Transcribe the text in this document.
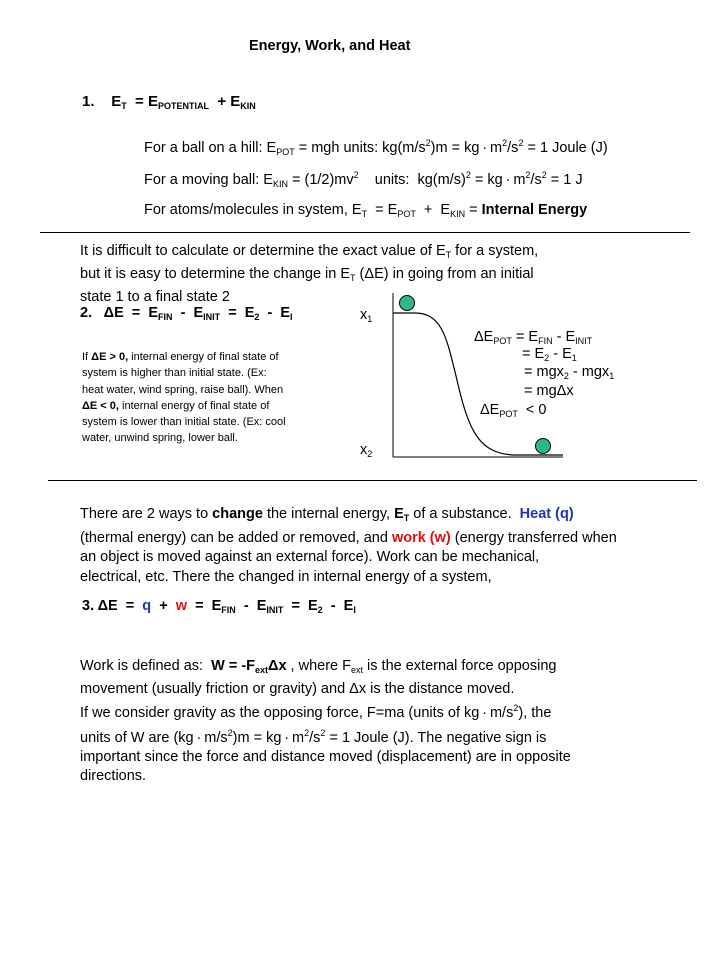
Energy, Work, and Heat
1. $E_T = E_{POTENTIAL} + E_{KIN}$
For a ball on a hill: $E_{POT}$ = mgh units: $kg(m/s^2)m$ = kg · $m^2/s^2 = 1$ Joule (J)
For a moving ball: $E_{KIN} = (1/2)mv^2$    units:  $kg(m/s)^2$ = kg · $m^2/s^2 = 1$ J
For atoms/molecules in system, $E_T = E_{POT} + E_{KIN}$ = Internal Energy
It is difficult to calculate or determine the exact value of $E_T$ for a system,
but it is easy to determine the change in $E_T$ (ΔE) in going from an initial
state 1 to a final state 2
2. $\Delta E = E_{FIN} - E_{INIT} = E_2 - E_I$
If ΔE > 0, internal energy of final state of
system is higher than initial state. (Ex:
heat water, wind spring, raise ball). When
ΔE < 0, internal energy of final state of
system is lower than initial state. (Ex: cool
water, unwind spring, lower ball.
$x_1$
$x_2$
$\Delta E_{POT} = E_{FIN} - E_{INIT}$
= $E_2 - E_1$
= mgx$_2$ - mgx$_1$
= mgΔx
$\Delta E_{POT} < 0$
There are 2 ways to change the internal energy, $E_T$ of a substance.  Heat (q)
(thermal energy) can be added or removed, and work (w) (energy transferred when
an object is moved against an external force). Work can be mechanical,
electrical, etc. There the changed in internal energy of a system,
3. $\Delta E = q + w = E_{FIN} - E_{INIT} = E_2 - E_I$
Work is defined as:  $W = -F_{ext}\Delta x$ , where $F_{ext}$ is the external force opposing
movement (usually friction or gravity) and Δx is the distance moved.
If we consider gravity as the opposing force, F=ma (units of kg · $m/s^2$), the
units of W are $(kg \cdot m/s^2)m$ = kg · $m^2/s^2 = 1$ Joule (J). The negative sign is
important since the force and distance moved (displacement) are in opposite
directions.
